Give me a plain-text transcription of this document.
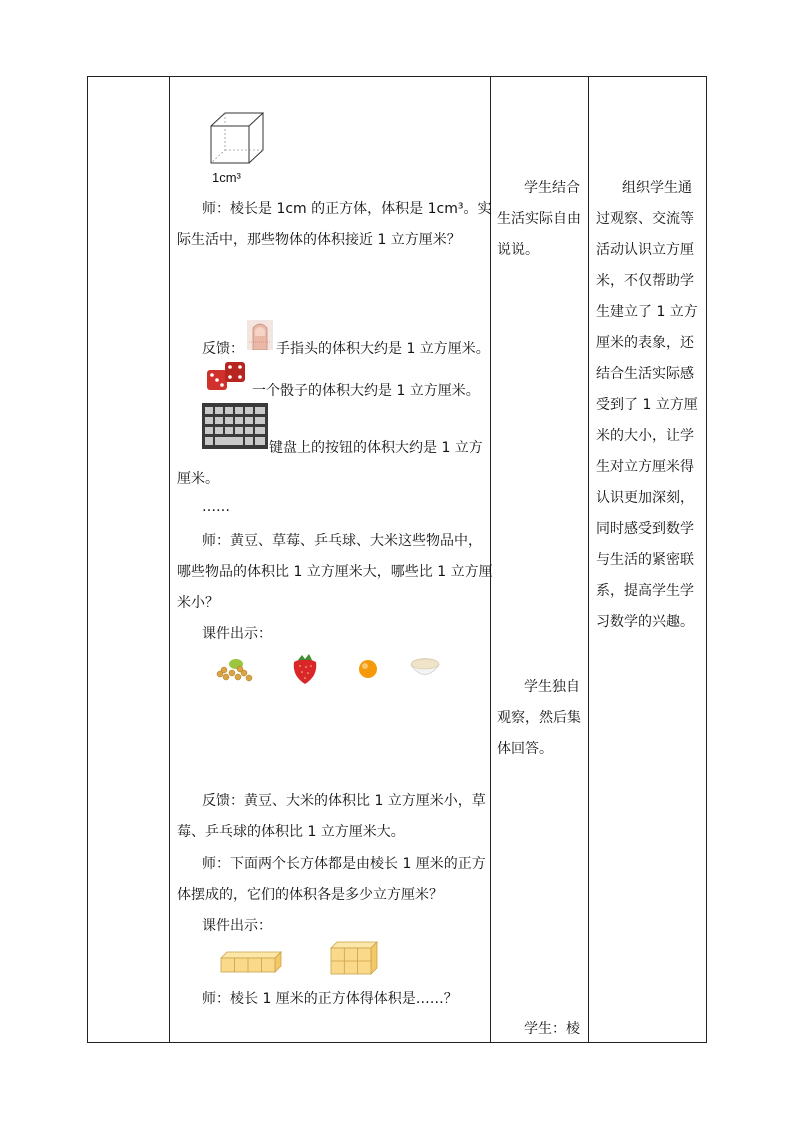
1cm³
师：棱长是 1cm 的正方体，体积是 1cm³。实
际生活中，那些物体的体积接近 1 立方厘米？
反馈： 手指头的体积大约是 1 立方厘米。
一个骰子的体积大约是 1 立方厘米。
键盘上的按钮的体积大约是 1 立方
厘米。
……
师：黄豆、草莓、乒乓球、大米这些物品中，
哪些物品的体积比 1 立方厘米大，哪些比 1 立方厘
米小？
课件出示：
反馈：黄豆、大米的体积比 1 立方厘米小，草
莓、乒乓球的体积比 1 立方厘米大。
师：下面两个长方体都是由棱长 1 厘米的正方
体摆成的，它们的体积各是多少立方厘米？
课件出示：
师：棱长 1 厘米的正方体得体积是……？
学生结合
生活实际自由
说说。
学生独自
观察，然后集
体回答。
学生：棱
组织学生通
过观察、交流等
活动认识立方厘
米，不仅帮助学
生建立了 1 立方
厘米的表象，还
结合生活实际感
受到了 1 立方厘
米的大小，让学
生对立方厘米得
认识更加深刻，
同时感受到数学
与生活的紧密联
系，提高学生学
习数学的兴趣。
